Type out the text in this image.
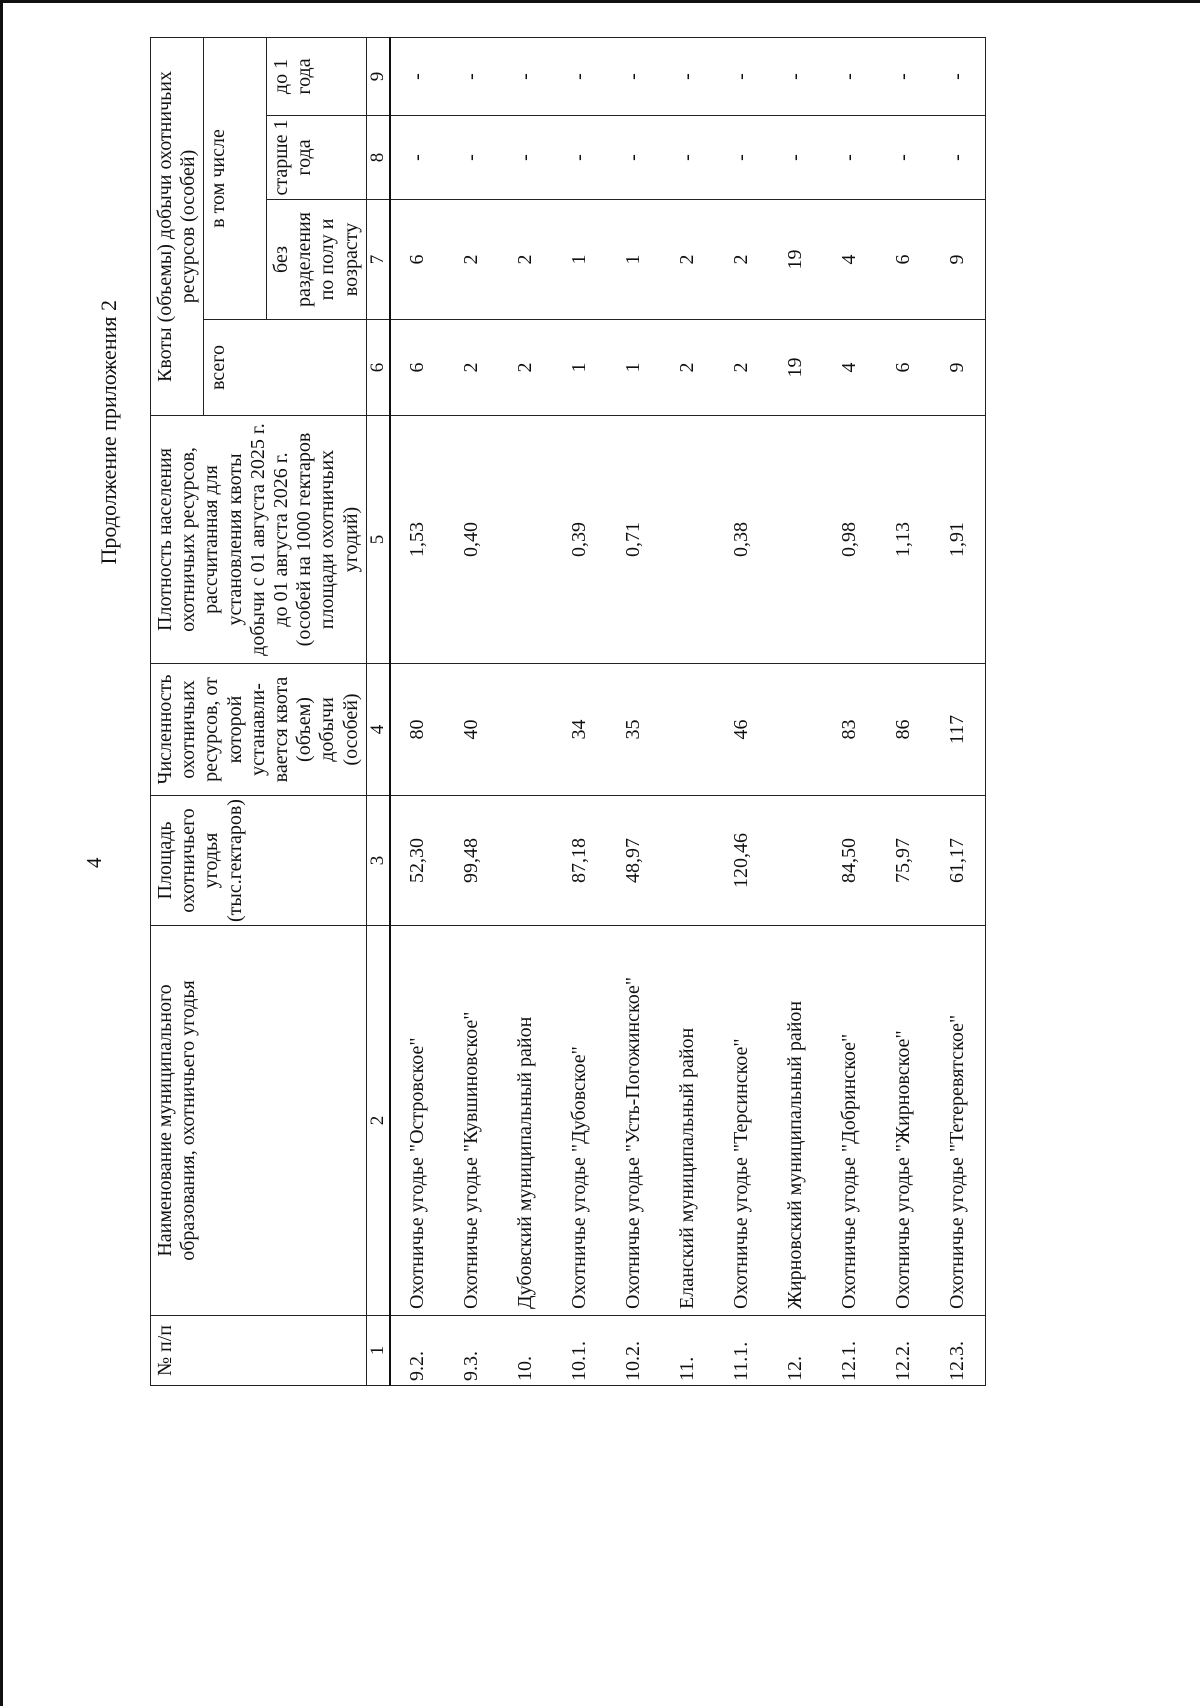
4
Продолжение приложения 2
№ п/п	Наименование муниципального образования, охотничьего угодья	Площадь охотничьего угодья (тыс.гектаров)	Численность охотничьих ресурсов, от которой устанавли-вается квота (объем) добычи (особей)	Плотность населения охотничьих ресурсов, рассчитанная для установления квоты добычи с 01 августа 2025 г. до 01 августа 2026 г. (особей на 1000 гектаров площади охотничьих угодий)	Квоты (объемы) добычи охотничьих ресурсов (особей)			
					всего	в том числе		
						без разделения по полу и возрасту	старше 1 года	до 1 года
1	2	3	4	5	6	7	8	9
9.2.	Охотничье угодье "Островское"	52,30	80	1,53	6	6	-	-
9.3.	Охотничье угодье "Кувшиновское"	99,48	40	0,40	2	2	-	-
10.	Дубовский муниципальный район				2	2	-	-
10.1.	Охотничье угодье "Дубовское"	87,18	34	0,39	1	1	-	-
10.2.	Охотничье угодье "Усть-Погожинское"	48,97	35	0,71	1	1	-	-
11.	Еланский муниципальный район				2	2	-	-
11.1.	Охотничье угодье "Терсинское"	120,46	46	0,38	2	2	-	-
12.	Жирновский муниципальный район				19	19	-	-
12.1.	Охотничье угодье "Добринское"	84,50	83	0,98	4	4	-	-
12.2.	Охотничье угодье "Жирновское"	75,97	86	1,13	6	6	-	-
12.3.	Охотничье угодье "Тетеревятское"	61,17	117	1,91	9	9	-	-
